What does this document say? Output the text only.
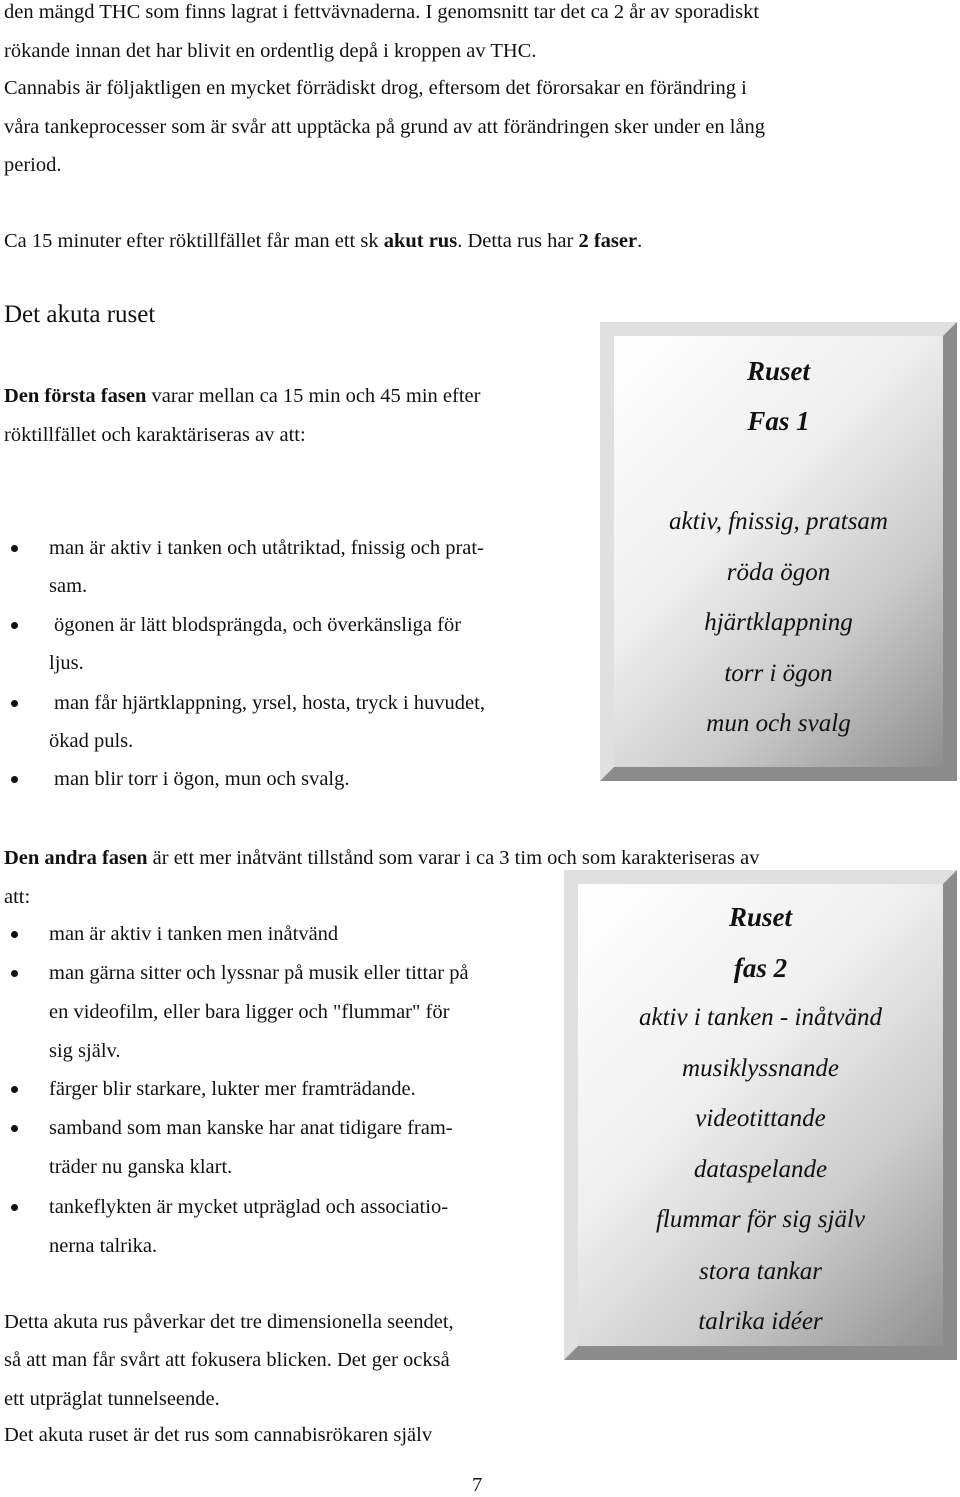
den mängd THC som finns lagrat i fettvävnaderna. I genomsnitt tar det ca 2 år av sporadiskt
rökande innan det har blivit en ordentlig depå i kroppen av THC.
Cannabis är följaktligen en mycket förrädiskt drog, eftersom det förorsakar en förändring i
våra tankeprocesser som är svår att upptäcka på grund av att förändringen sker under en lång
period.
Ca 15 minuter efter röktillfället får man ett sk akut rus. Detta rus har 2 faser.
Det akuta ruset
Den första fasen varar mellan ca 15 min och 45 min efter
röktillfället och karaktäriseras av att:
man är aktiv i tanken och utåtriktad, fnissig och prat-
sam.
ögonen är lätt blodsprängda, och överkänsliga för
ljus.
man får hjärtklappning, yrsel, hosta, tryck i huvudet,
ökad puls.
man blir torr i ögon, mun och svalg.
Ruset
Fas 1
aktiv, fnissig, pratsam
röda ögon
hjärtklappning
torr i ögon
mun och svalg
Den andra fasen är ett mer inåtvänt tillstånd som varar i ca 3 tim och som karakteriseras av
att:
man är aktiv i tanken men inåtvänd
man gärna sitter och lyssnar på musik eller tittar på
en videofilm, eller bara ligger och "flummar" för
sig själv.
färger blir starkare, lukter mer framträdande.
samband som man kanske har anat tidigare fram-
träder nu ganska klart.
tankeflykten är mycket utpräglad och associatio-
nerna talrika.
Ruset
fas 2
aktiv i tanken - inåtvänd
musiklyssnande
videotittande
dataspelande
flummar för sig själv
stora tankar
talrika idéer
Detta akuta rus påverkar det tre dimensionella seendet,
så att man får svårt att fokusera blicken. Det ger också
ett utpräglat tunnelseende.
Det akuta ruset är det rus som cannabisrökaren själv
7
